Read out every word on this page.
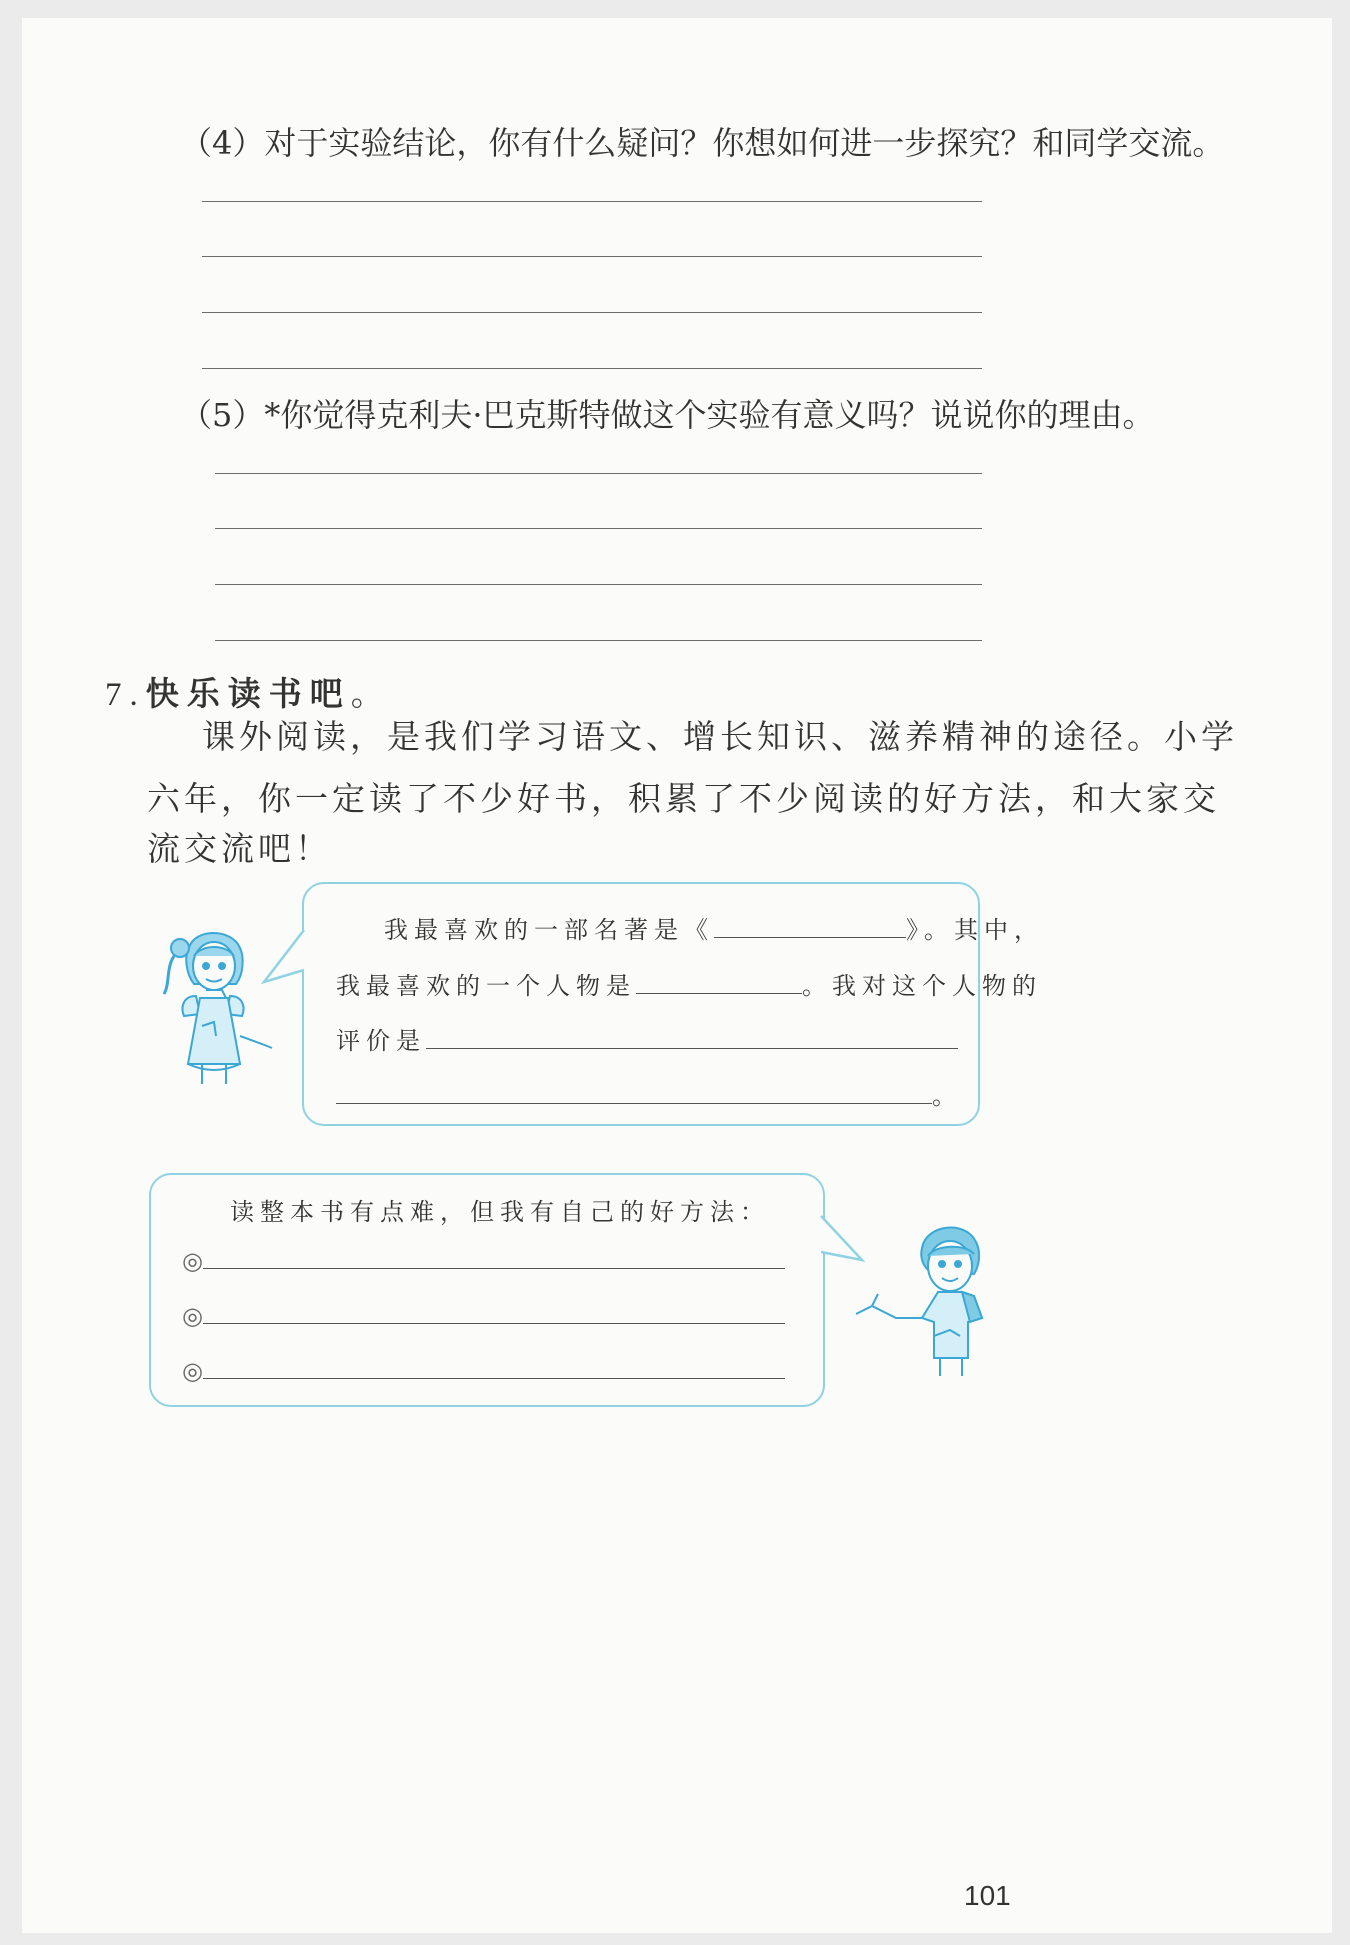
（4）对于实验结论，你有什么疑问？你想如何进一步探究？和同学交流。
（5）*你觉得克利夫·巴克斯特做这个实验有意义吗？说说你的理由。
7.快乐读书吧。
课外阅读，是我们学习语文、增长知识、滋养精神的途径。小学
六年，你一定读了不少好书，积累了不少阅读的好方法，和大家交
流交流吧！
我最喜欢的一部名著是《	》。其中，
我最喜欢的一个人物是	。我对这个人物的
评价是
。
读整本书有点难，但我有自己的好方法：
◎
◎
◎
101
